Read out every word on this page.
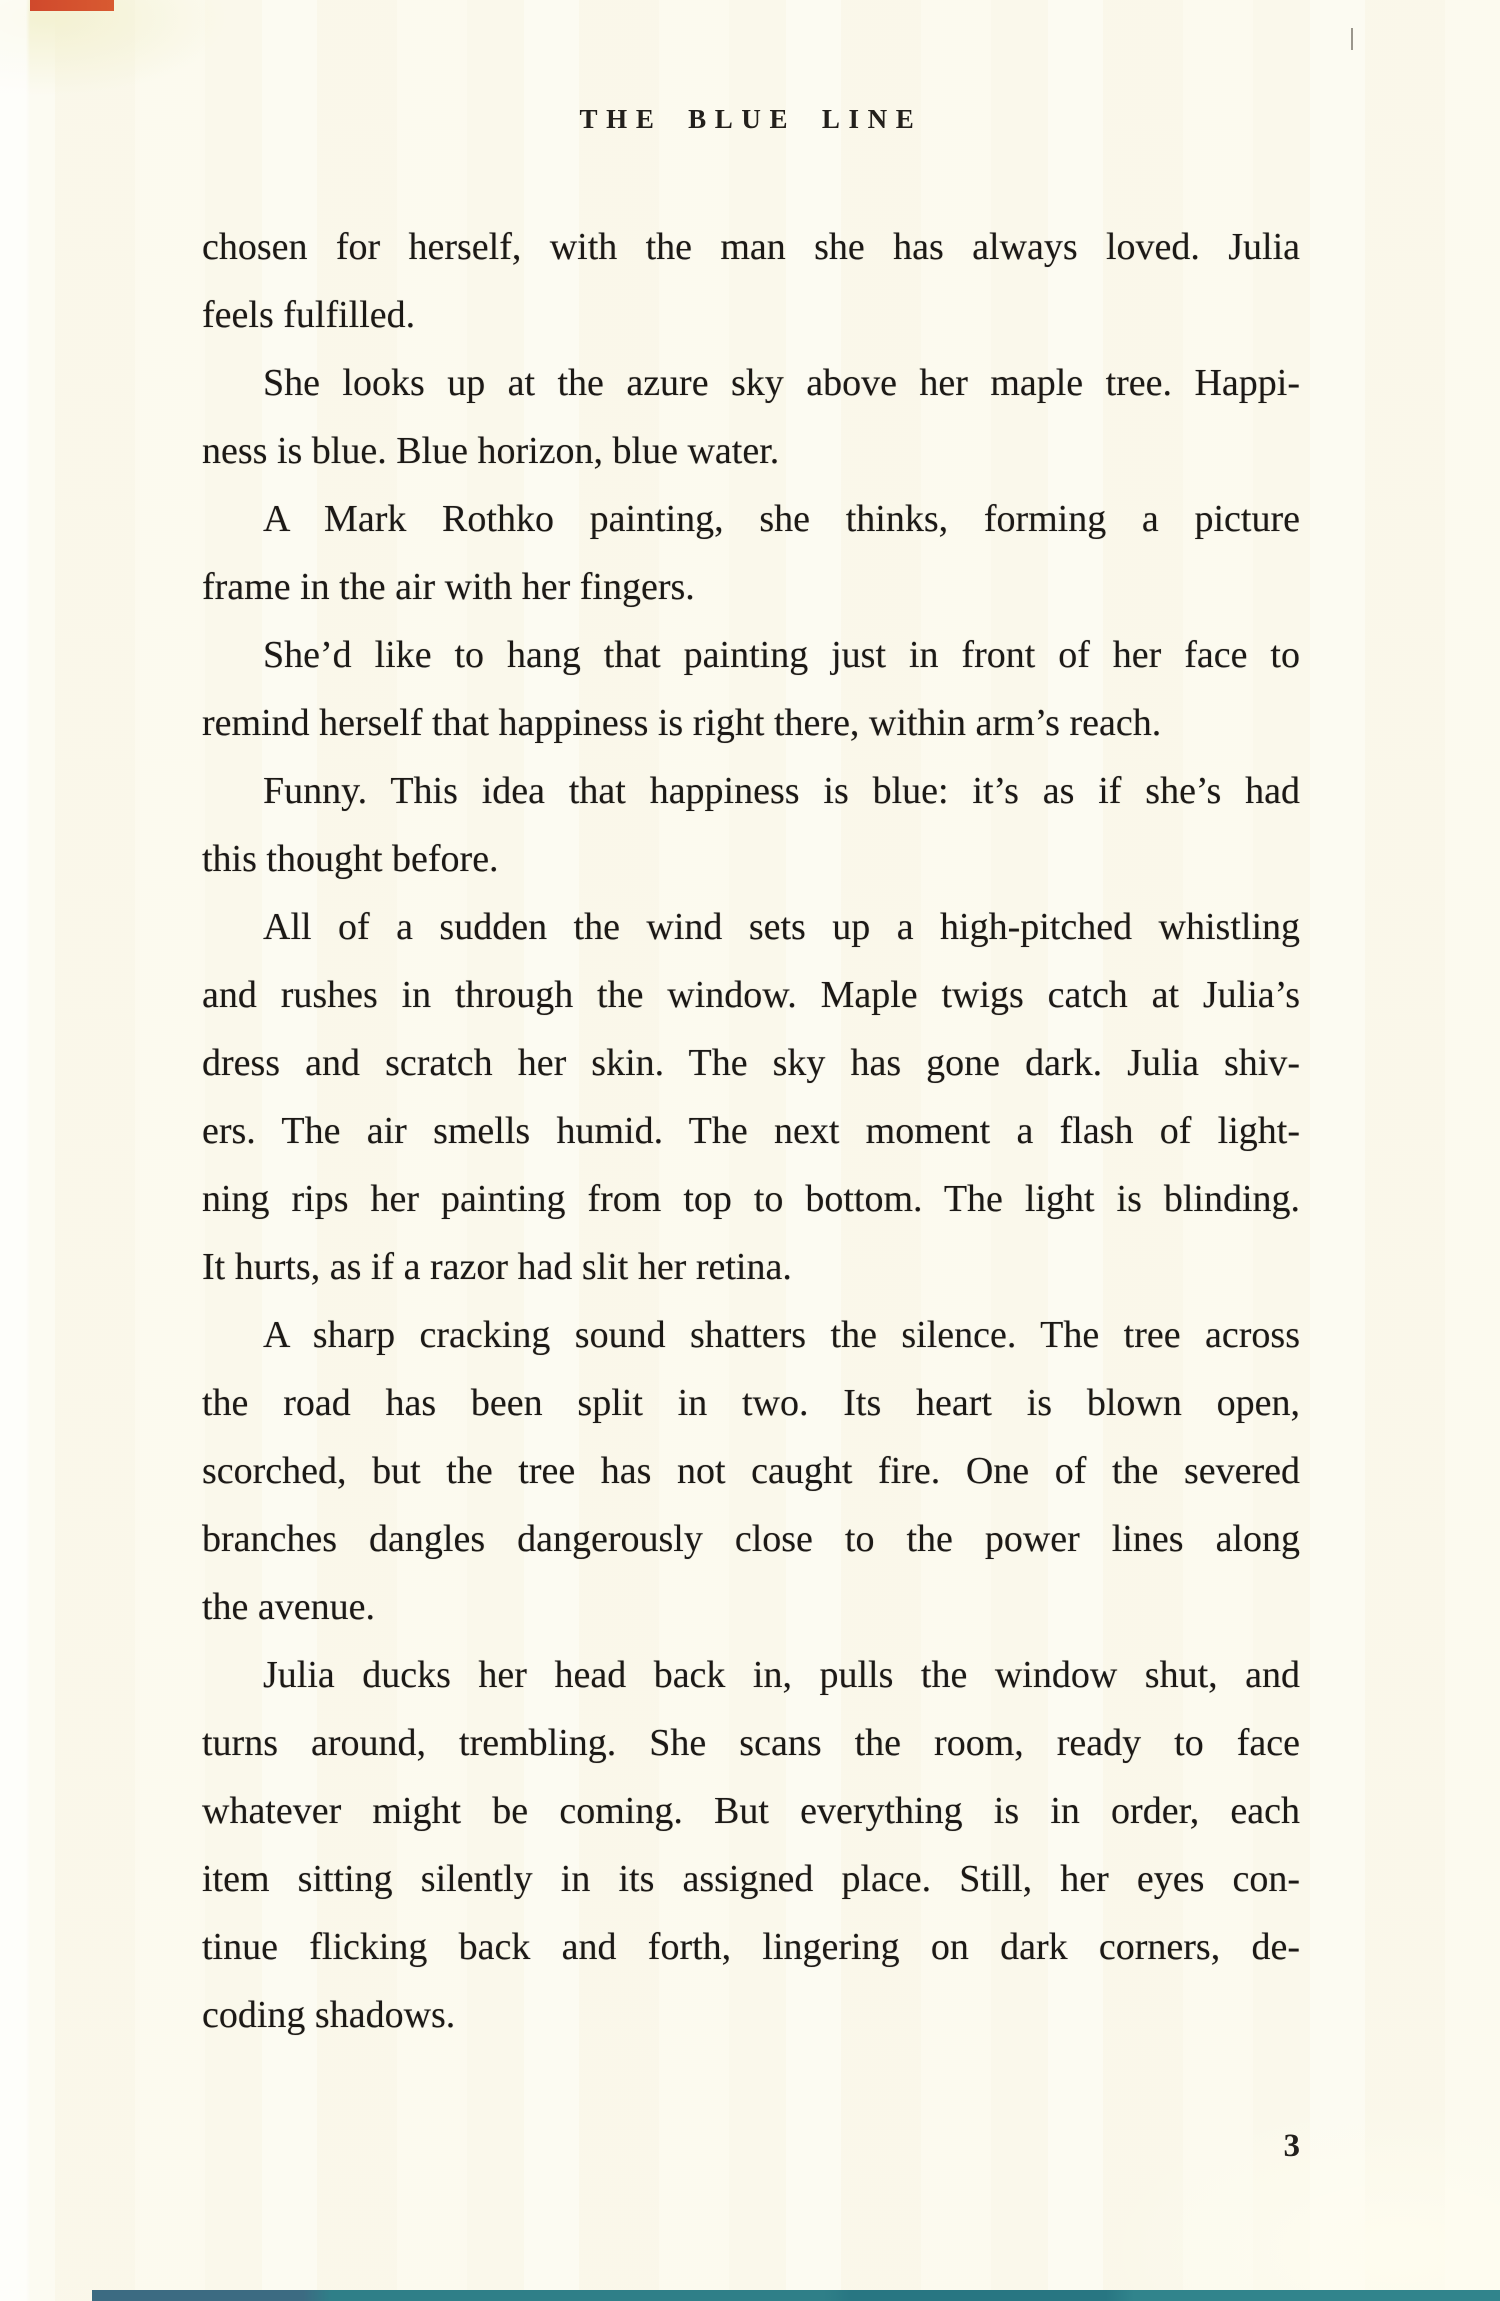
THE BLUE LINE
chosen for herself, with the man she has always loved. Julia
feels fulfilled.
She looks up at the azure sky above her maple tree. Happi-
ness is blue. Blue horizon, blue water.
A Mark Rothko painting, she thinks, forming a picture
frame in the air with her fingers.
She’d like to hang that painting just in front of her face to
remind herself that happiness is right there, within arm’s reach.
Funny. This idea that happiness is blue: it’s as if she’s had
this thought before.
All of a sudden the wind sets up a high-pitched whistling
and rushes in through the window. Maple twigs catch at Julia’s
dress and scratch her skin. The sky has gone dark. Julia shiv-
ers. The air smells humid. The next moment a flash of light-
ning rips her painting from top to bottom. The light is blinding.
It hurts, as if a razor had slit her retina.
A sharp cracking sound shatters the silence. The tree across
the road has been split in two. Its heart is blown open,
scorched, but the tree has not caught fire. One of the severed
branches dangles dangerously close to the power lines along
the avenue.
Julia ducks her head back in, pulls the window shut, and
turns around, trembling. She scans the room, ready to face
whatever might be coming. But everything is in order, each
item sitting silently in its assigned place. Still, her eyes con-
tinue flicking back and forth, lingering on dark corners, de-
coding shadows.
3
